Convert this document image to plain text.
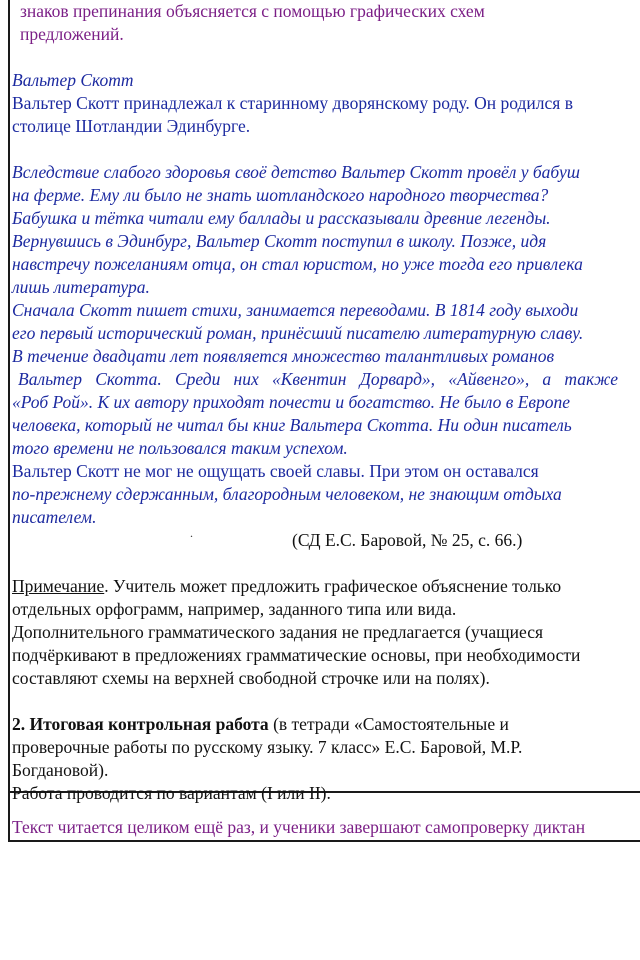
знаков препинания объясняется с помощью графических схем
предложений.
Вальтер Скотт
Вальтер Скотт принадлежал к старинному дворянскому роду. Он родился в
столице Шотландии Эдинбурге.
Вследствие слабого здоровья своё детство Вальтер Скотт провёл у бабуш
на ферме. Ему ли было не знать шотландского народного творчества?
Бабушка и тётка читали ему баллады и рассказывали древние легенды.
Вернувшись в Эдинбург, Вальтер Скотт поступил в школу. Позже, идя
навстречу пожеланиям отца, он стал юристом, но уже тогда его привлека
лишь литература.
Сначала Скотт пишет стихи, занимается переводами. В 1814 году выходи
его первый исторический роман, принёсший писателю литературную славу.
В течение двадцати лет появляется множество талантливых романов
Вальтер Скотта. Среди них «Квентин Дорвард», «Айвенго», а также
«Роб Рой». К их автору приходят почести и богатство. Не было в Европе
человека, который не читал бы книг Вальтера Скотта. Ни один писатель
того времени не пользовался таким успехом.
Вальтер Скотт не мог не ощущать своей славы. При этом он оставался
по-прежнему сдержанным, благородным человеком, не знающим отдыха
писателем.
(СД Е.С. Баровой, № 25, с. 66.)
Примечание. Учитель может предложить графическое объяснение только
отдельных орфограмм, например, заданного типа или вида.
Дополнительного грамматического задания не предлагается (учащиеся
подчёркивают в предложениях грамматические основы, при необходимости
составляют схемы на верхней свободной строчке или на полях).
2. Итоговая контрольная работа (в тетради «Самостоятельные и
проверочные работы по русскому языку. 7 класс» Е.С. Баровой, М.Р.
Богдановой).
Работа проводится по вариантам (I или II).
Текст читается целиком ещё раз, и ученики завершают самопроверку диктан
.
